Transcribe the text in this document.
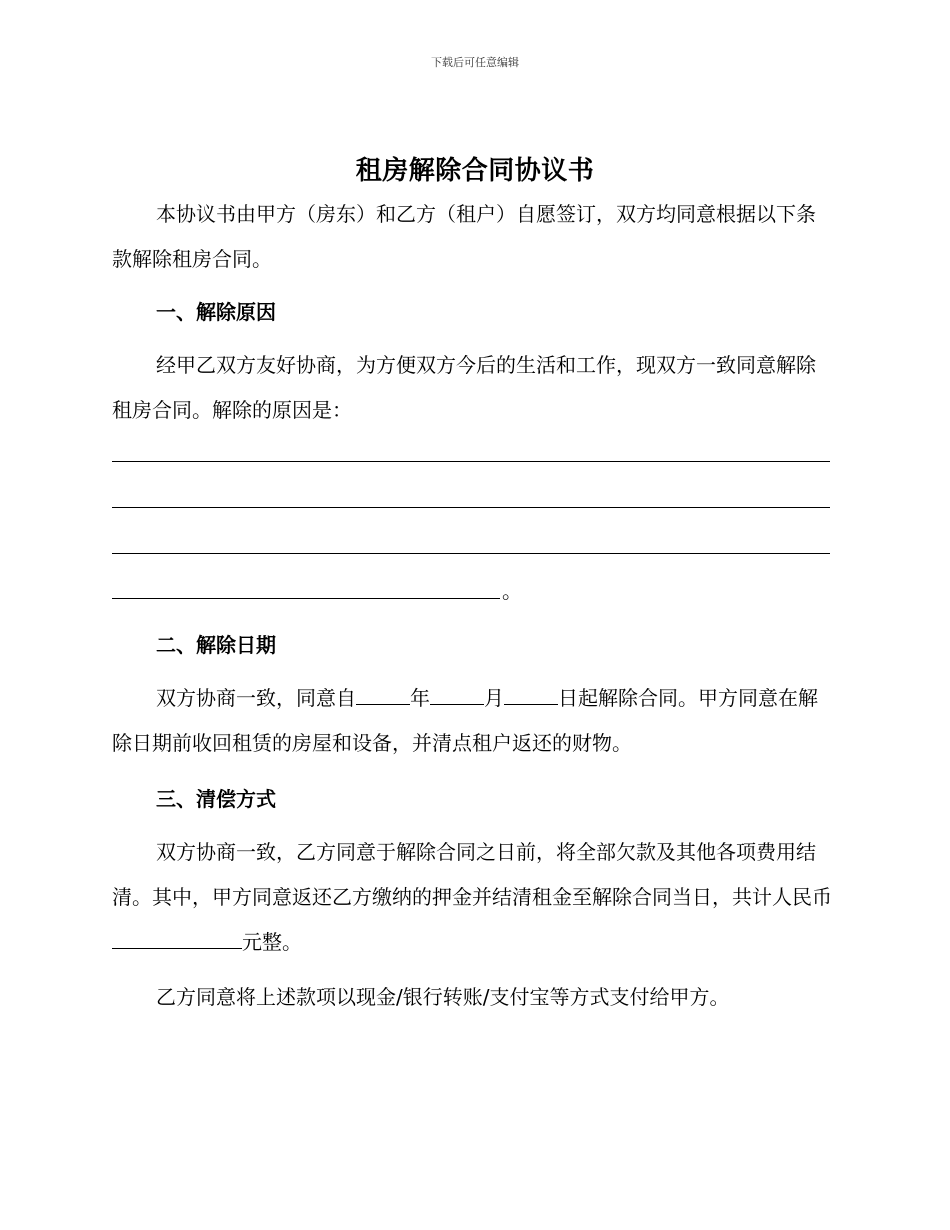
下载后可任意编辑
租房解除合同协议书

本协议书由甲方（房东）和乙方（租户）自愿签订，双方均同意根据以下条款解除租房合同。

一、解除原因

经甲乙双方友好协商，为方便双方今后的生活和工作，现双方一致同意解除租房合同。解除的原因是：

。
二、解除日期

双方协商一致，同意自	年	月	日起解除合同。甲方同意在解除日期前收回租赁的房屋和设备，并清点租户返还的财物。

三、清偿方式

双方协商一致，乙方同意于解除合同之日前，将全部欠款及其他各项费用结清。其中，甲方同意返还乙方缴纳的押金并结清租金至解除合同当日，共计人民币元整。

乙方同意将上述款项以现金/银行转账/支付宝等方式支付给甲方。
